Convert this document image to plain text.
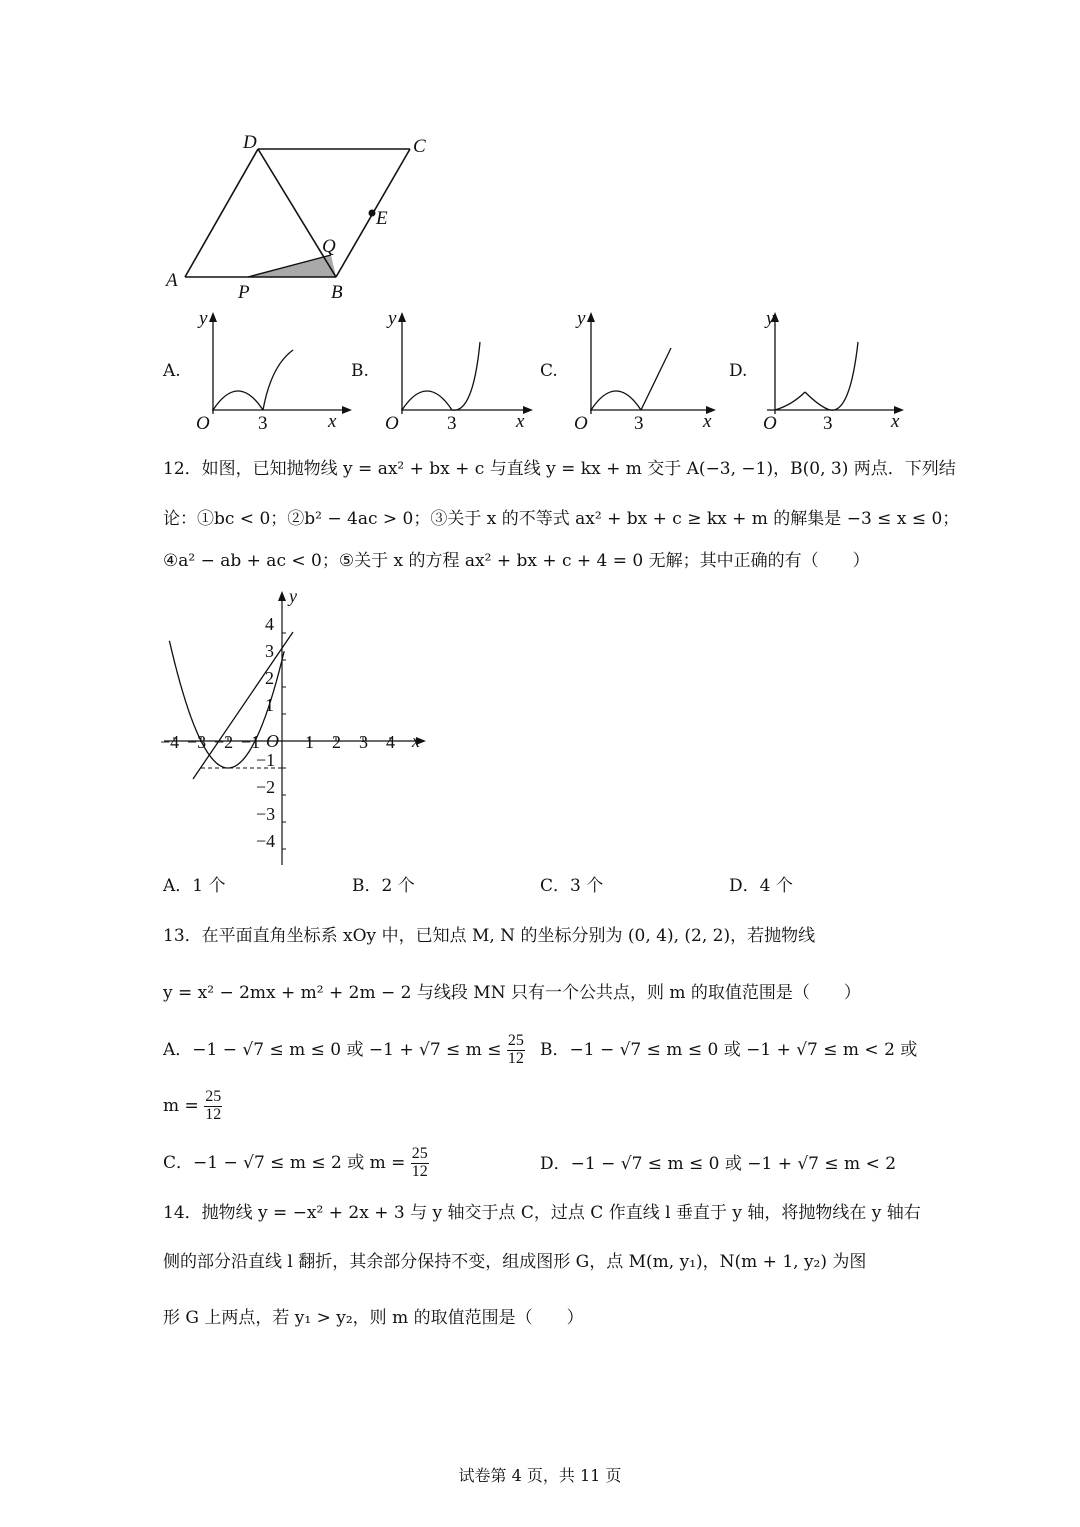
D	C
E
Q
A
P	B
A.
y
O	3	x
B.
y
O	3	x
C.
y
O 3	x
D.
y
O 3	x
12．如图，已知抛物线 y = ax² + bx + c 与直线 y = kx + m 交于 A(−3, −1)，B(0, 3) 两点．下列结
论：①bc < 0；②b² − 4ac > 0；③关于 x 的不等式 ax² + bx + c ≥ kx + m 的解集是 −3 ≤ x ≤ 0；
④a² − ab + ac < 0；⑤关于 x 的方程 ax² + bx + c + 4 = 0 无解；其中正确的有（　　）
y
x
O
−4 −3 −2 −1 1 2 3 4
4
3
2
1
−1
−2
−3
−4
A．1 个	B．2 个	C．3 个	D．4 个
13．在平面直角坐标系 xOy 中，已知点 M, N 的坐标分别为 (0, 4), (2, 2)，若抛物线
y = x² − 2mx + m² + 2m − 2 与线段 MN 只有一个公共点，则 m 的取值范围是（　　）
A．−1 − √7 ≤ m ≤ 0 或 $-1 + √7 \le m \le \frac{25}{12}$ B．−1 − √7 ≤ m ≤ 0 或 −1 + √7 ≤ m < 2 或
$m = \frac{25}{12}$
C．−1 − √7 ≤ m ≤ 2 或 $m = \frac{25}{12}$	D．−1 − √7 ≤ m ≤ 0 或 −1 + √7 ≤ m < 2
14．抛物线 y = −x² + 2x + 3 与 y 轴交于点 C，过点 C 作直线 l 垂直于 y 轴，将抛物线在 y 轴右
侧的部分沿直线 l 翻折，其余部分保持不变，组成图形 G，点 M(m, y₁)，N(m + 1, y₂) 为图
形 G 上两点，若 y₁ > y₂，则 m 的取值范围是（　　）
试卷第 4 页，共 11 页
